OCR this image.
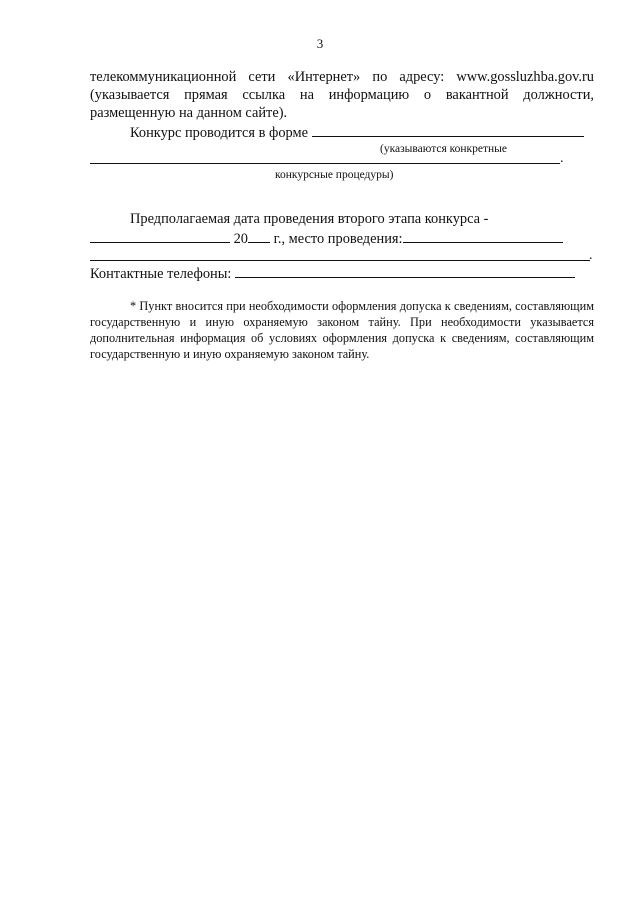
3
телекоммуникационной сети «Интернет» по адресу: www.gossluzhba.gov.ru (указывается прямая ссылка на информацию о вакантной должности, размещенную на данном сайте).
Конкурс проводится в форме
(указываются конкретные
.
конкурсные процедуры)
Предполагаемая дата проведения второго этапа конкурса -
20 г., место проведения:
.
Контактные телефоны:
* Пункт вносится при необходимости оформления допуска к сведениям, составляющим государственную и иную охраняемую законом тайну. При необходимости указывается дополнительная информация об условиях оформления допуска к сведениям, составляющим государственную и иную охраняемую законом тайну.
